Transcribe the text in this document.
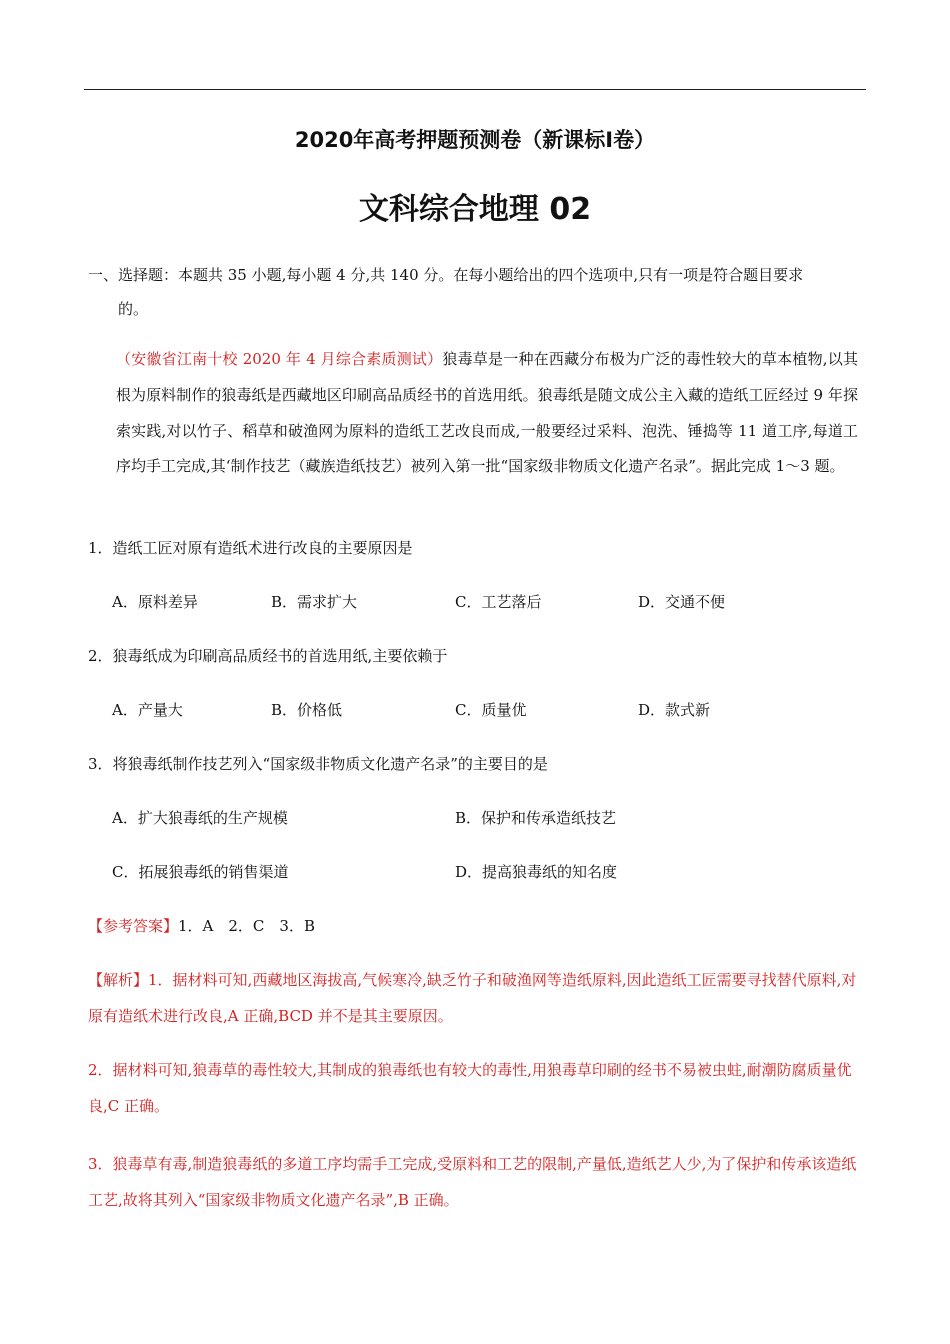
2020年高考押题预测卷（新课标Ⅰ卷）
文科综合地理 02
一、选择题：本题共 35 小题,每小题 4 分,共 140 分。在每小题给出的四个选项中,只有一项是符合题目要求
的。
（安徽省江南十校 2020 年 4 月综合素质测试）狼毒草是一种在西藏分布极为广泛的毒性较大的草本植物,以其根为原料制作的狼毒纸是西藏地区印刷高品质经书的首选用纸。狼毒纸是随文成公主入藏的造纸工匠经过 9 年探索实践,对以竹子、稻草和破渔网为原料的造纸工艺改良而成,一般要经过采料、泡洗、锤捣等 11 道工序,每道工序均手工完成,其‘制作技艺（藏族造纸技艺）被列入第一批“国家级非物质文化遗产名录”。据此完成 1～3 题。
1．造纸工匠对原有造纸术进行改良的主要原因是
A．原料差异	B．需求扩大	C．工艺落后	D．交通不便
2．狼毒纸成为印刷高品质经书的首选用纸,主要依赖于
A．产量大	B．价格低	C．质量优	D．款式新
3．将狼毒纸制作技艺列入“国家级非物质文化遗产名录”的主要目的是
A．扩大狼毒纸的生产规模	B．保护和传承造纸技艺
C．拓展狼毒纸的销售渠道	D．提高狼毒纸的知名度
【参考答案】1．A　2．C　3．B
【解析】1．据材料可知,西藏地区海拔高,气候寒冷,缺乏竹子和破渔网等造纸原料,因此造纸工匠需要寻找替代原料,对原有造纸术进行改良,A 正确,BCD 并不是其主要原因。
2．据材料可知,狼毒草的毒性较大,其制成的狼毒纸也有较大的毒性,用狼毒草印刷的经书不易被虫蛀,耐潮防腐质量优良,C 正确。
3．狼毒草有毒,制造狼毒纸的多道工序均需手工完成,受原料和工艺的限制,产量低,造纸艺人少,为了保护和传承该造纸工艺,故将其列入“国家级非物质文化遗产名录”,B 正确。
